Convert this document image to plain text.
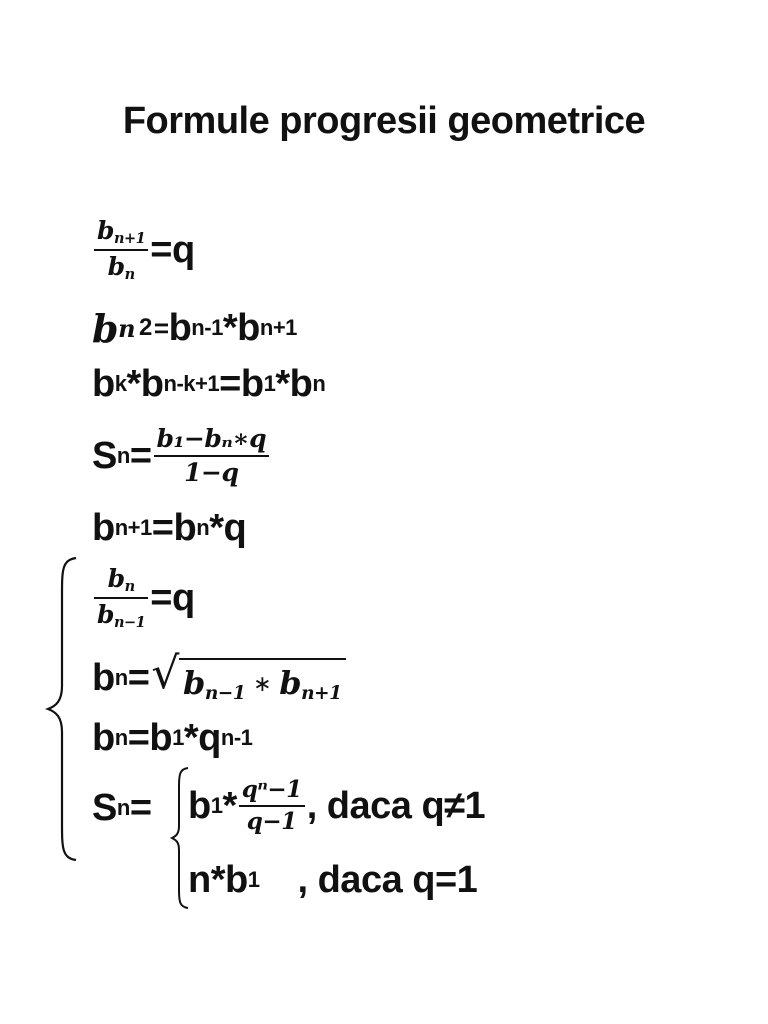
Formule progresii geometrice
$\frac{b_{n+1}}{b_n} =q$
b n 2 = b n-1 * b n+1
b k * b n-k+1 = b 1 * b n
S $n = \frac{\text{b₁−bₙ∗q}}{1-q}$
b n+1 = b n *q
$\frac{b_n}{b_{n-1}} =q$
b n = √ $b_{n-1}$ ∗ $b_{n+1}$
b n = b 1 * q n-1
S n = b $1 * \frac{\text{qⁿ−1}}{q-1}$ , daca q≠1
n*b 1 , daca q=1
